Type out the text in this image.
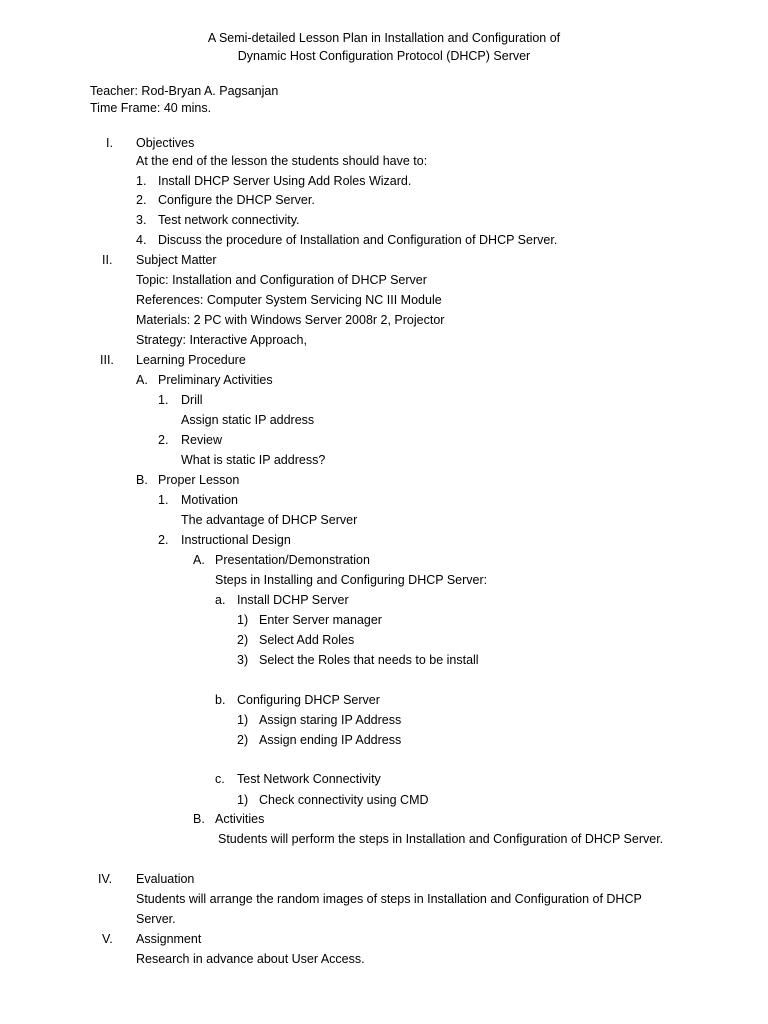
A Semi-detailed Lesson Plan in Installation and Configuration of
Dynamic Host Configuration Protocol (DHCP) Server
Teacher: Rod-Bryan A. Pagsanjan
Time Frame: 40 mins.
I. Objectives
At the end of the lesson the students should have to:
1. Install DHCP Server Using Add Roles Wizard.
2. Configure the DHCP Server.
3. Test network connectivity.
4. Discuss the procedure of Installation and Configuration of DHCP Server.
II. Subject Matter
Topic: Installation and Configuration of DHCP Server
References: Computer System Servicing NC III Module
Materials: 2 PC with Windows Server 2008r 2, Projector
Strategy: Interactive Approach,
III. Learning Procedure
A. Preliminary Activities
1. Drill
Assign static IP address
2. Review
What is static IP address?
B. Proper Lesson
1. Motivation
The advantage of DHCP Server
2. Instructional Design
A. Presentation/Demonstration
Steps in Installing and Configuring DHCP Server:
a. Install DCHP Server
1) Enter Server manager
2) Select Add Roles
3) Select the Roles that needs to be install
b. Configuring DHCP Server
1) Assign staring IP Address
2) Assign ending IP Address
c. Test Network Connectivity
1) Check connectivity using CMD
B. Activities
Students will perform the steps in Installation and Configuration of DHCP Server.
IV. Evaluation
Students will arrange the random images of steps in Installation and Configuration of DHCP
Server.
V. Assignment
Research in advance about User Access.
